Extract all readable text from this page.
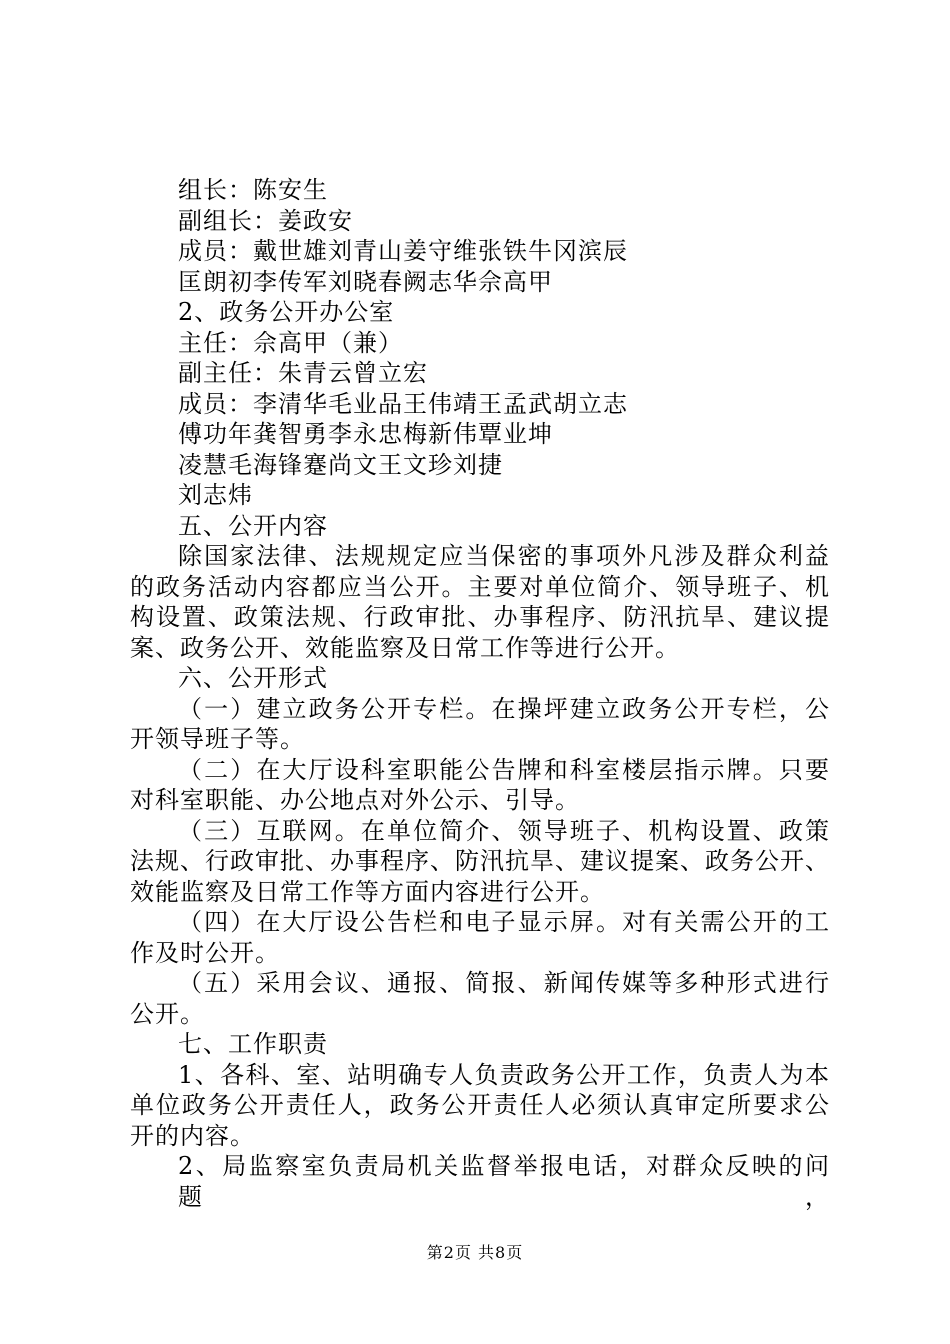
组长：陈安生
副组长：姜政安
成员：戴世雄刘青山姜守维张铁牛冈滨辰
匡朗初李传军刘晓春阙志华佘高甲
2、政务公开办公室
主任：佘高甲（兼）
副主任：朱青云曾立宏
成员：李清华毛业品王伟靖王孟武胡立志
傅功年龚智勇李永忠梅新伟覃业坤
凌慧毛海锋蹇尚文王文珍刘捷
刘志炜
五、公开内容
除国家法律、法规规定应当保密的事项外凡涉及群众利益
的政务活动内容都应当公开。主要对单位简介、领导班子、机
构设置、政策法规、行政审批、办事程序、防汛抗旱、建议提
案、政务公开、效能监察及日常工作等进行公开。
六、公开形式
（一）建立政务公开专栏。在操坪建立政务公开专栏，公
开领导班子等。
（二）在大厅设科室职能公告牌和科室楼层指示牌。只要
对科室职能、办公地点对外公示、引导。
（三）互联网。在单位简介、领导班子、机构设置、政策
法规、行政审批、办事程序、防汛抗旱、建议提案、政务公开、
效能监察及日常工作等方面内容进行公开。
（四）在大厅设公告栏和电子显示屏。对有关需公开的工
作及时公开。
（五）采用会议、通报、简报、新闻传媒等多种形式进行
公开。
七、工作职责
1、各科、室、站明确专人负责政务公开工作，负责人为本
单位政务公开责任人，政务公开责任人必须认真审定所要求公
开的内容。
2、局监察室负责局机关监督举报电话，对群众反映的问题，
第2页 共8页
